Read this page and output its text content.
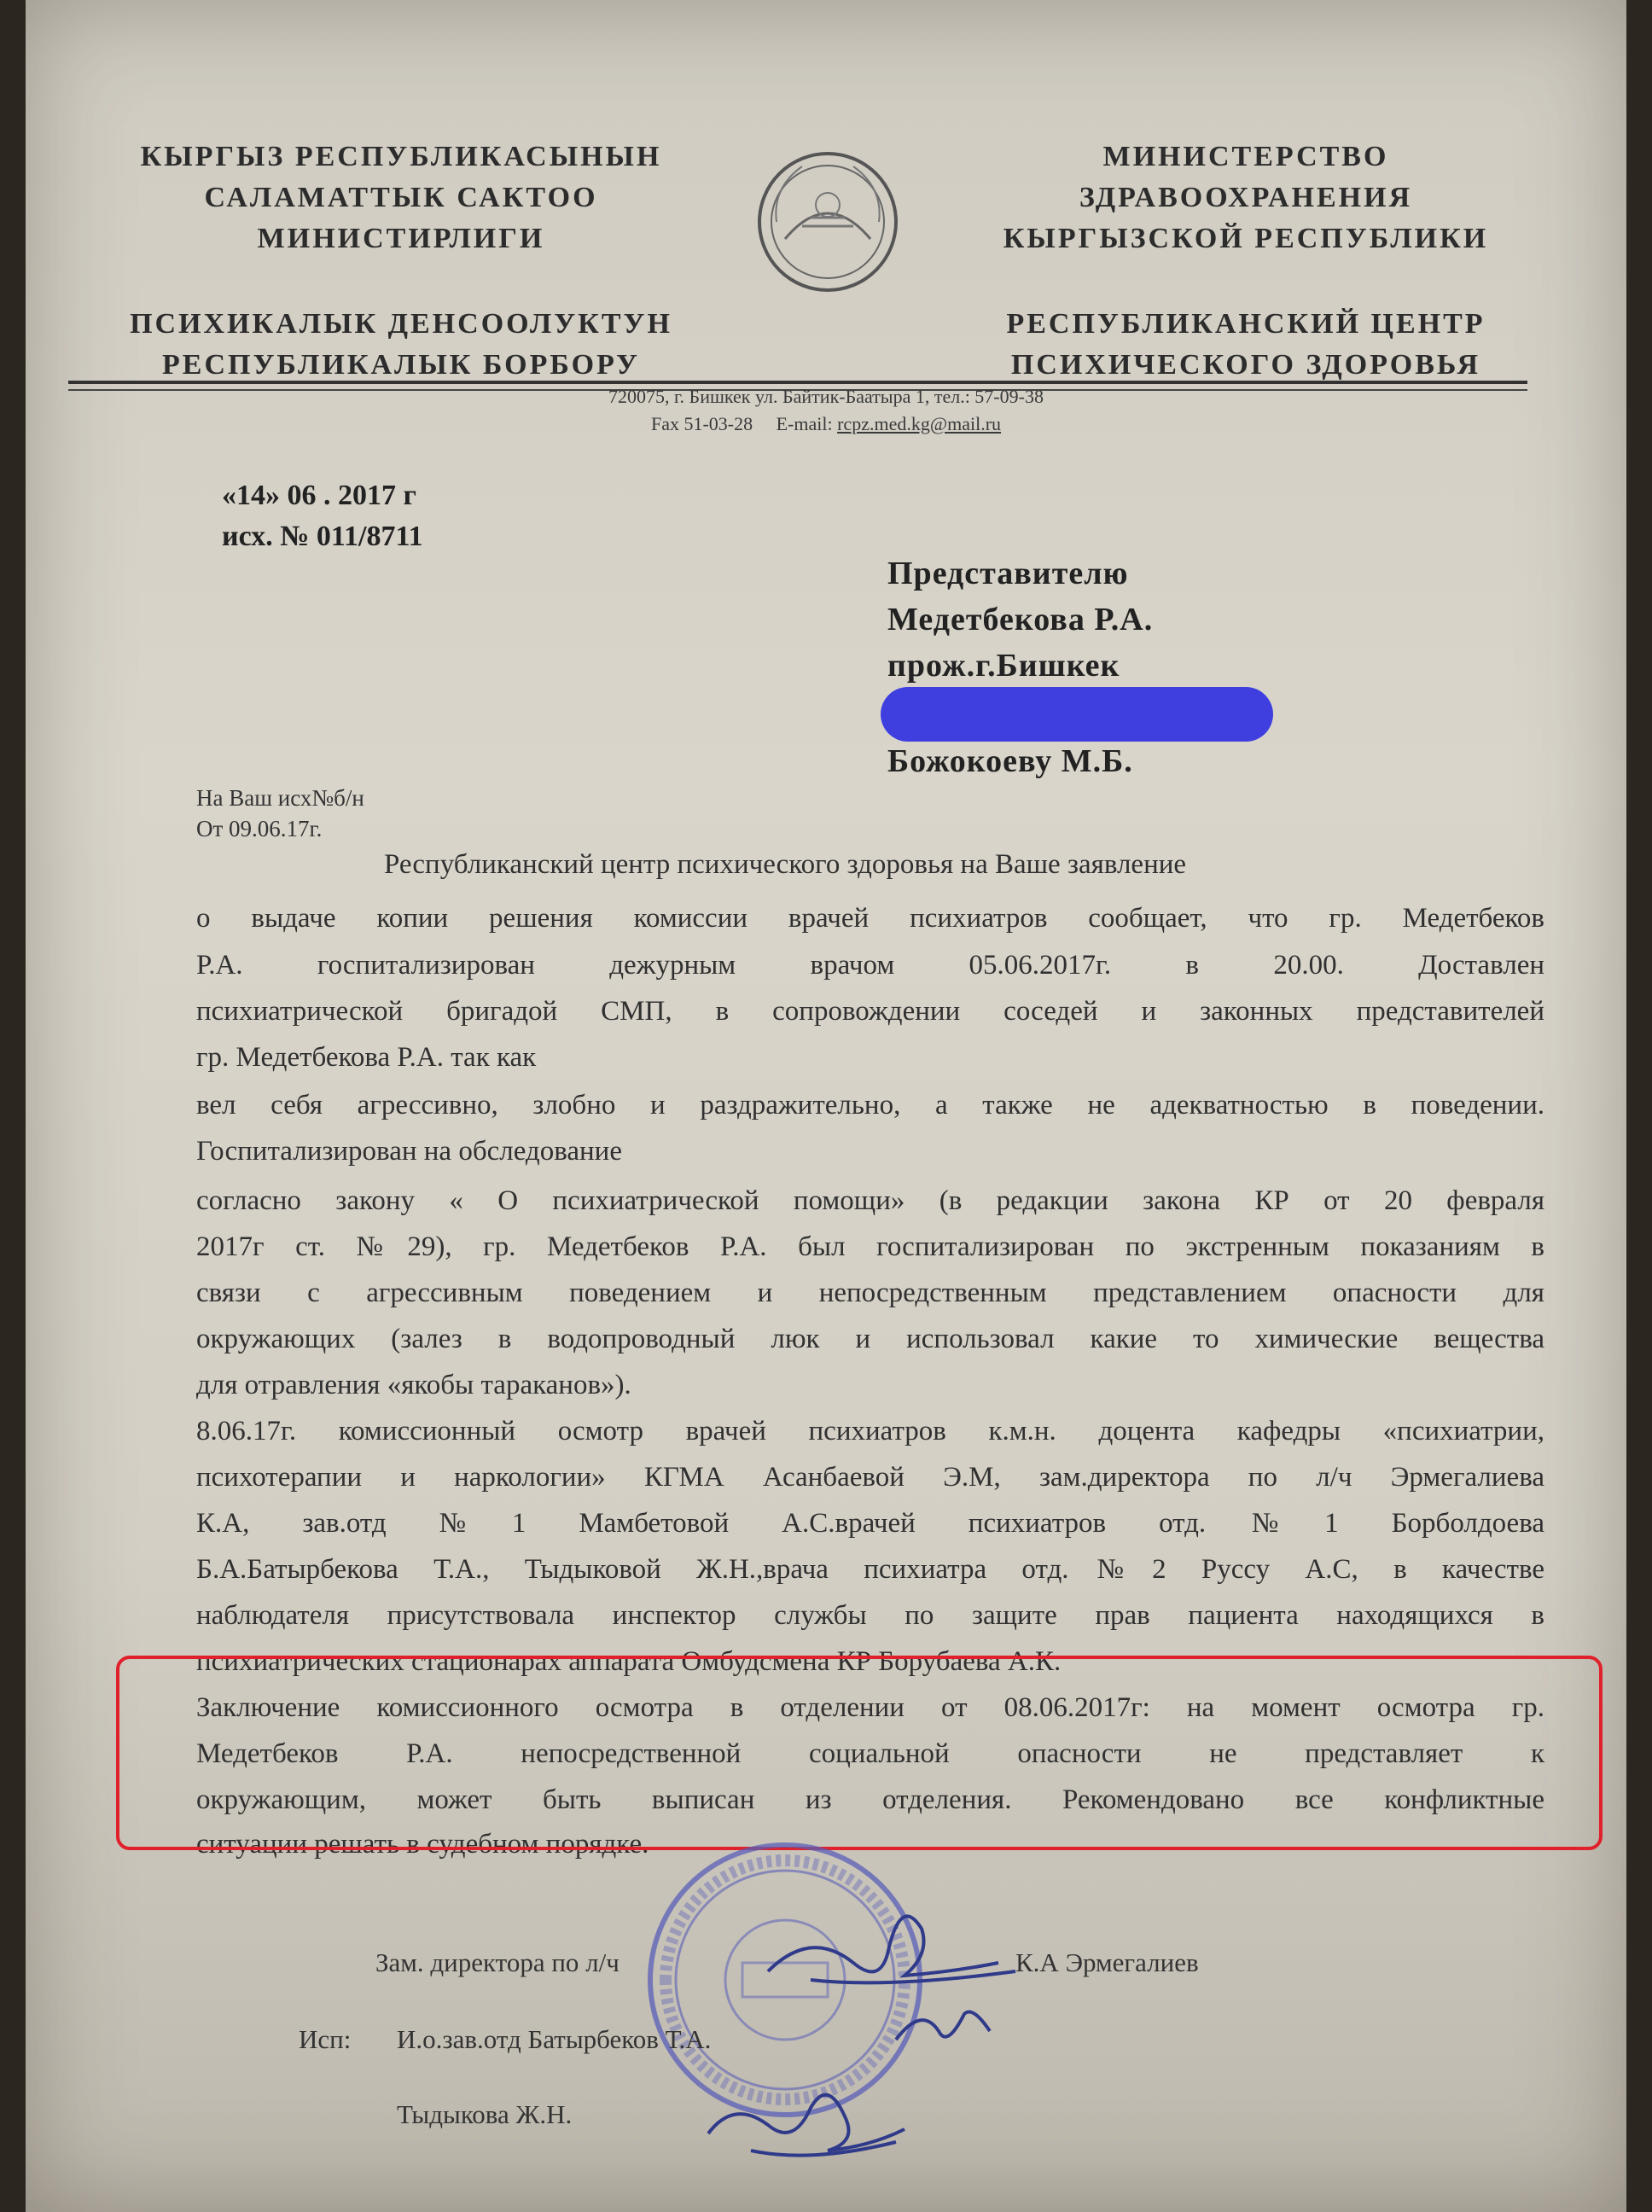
КЫРГЫЗ РЕСПУБЛИКАСЫНЫН
САЛАМАТТЫК САКТОО
МИНИСТИРЛИГИ
ПСИХИКАЛЫК ДЕНСООЛУКТУН
РЕСПУБЛИКАЛЫК БОРБОРУ
МИНИСТЕРСТВО
ЗДРАВООХРАНЕНИЯ
КЫРГЫЗСКОЙ РЕСПУБЛИКИ
РЕСПУБЛИКАНСКИЙ ЦЕНТР
ПСИХИЧЕСКОГО ЗДОРОВЬЯ
720075, г. Бишкек ул. Байтик-Баатыра 1, тел.: 57-09-38
Fax 51-03-28 E-mail: rcpz.med.kg@mail.ru
«14» 06 . 2017 г
исх. № 011/8711
Представителю
Медетбекова Р.А.
прож.г.Бишкек
Божокоеву М.Б.
На Ваш исх№б/н
От 09.06.17г.
Республиканский центр психического здоровья на Ваше заявление
о выдаче копии решения комиссии врачей психиатров сообщает, что гр. Медетбеков
Р.А. госпитализирован дежурным врачом 05.06.2017г. в 20.00. Доставлен
психиатрической бригадой СМП, в сопровождении соседей и законных представителей
гр. Медетбекова Р.А. так как
вел себя агрессивно, злобно и раздражительно, а также не адекватностью в поведении.
Госпитализирован на обследование
согласно закону « О психиатрической помощи» (в редакции закона КР от 20 февраля
2017г ст. №29), гр. Медетбеков Р.А. был госпитализирован по экстренным показаниям в
связи с агрессивным поведением и непосредственным представлением опасности для
окружающих (залез в водопроводный люк и использовал какие то химические вещества
для отравления «якобы тараканов»).
8.06.17г. комиссионный осмотр врачей психиатров к.м.н. доцента кафедры «психиатрии,
психотерапии и наркологии» КГМА Асанбаевой Э.М, зам.директора по л/ч Эрмегалиева
К.А, зав.отд №1 Мамбетовой А.С.врачей психиатров отд.№1 Борболдоева
Б.А.Батырбекова Т.А., Тыдыковой Ж.Н.,врача психиатра отд.№2 Руссу А.С, в качестве
наблюдателя присутствовала инспектор службы по защите прав пациента находящихся в
психиатрических стационарах аппарата Омбудсмена КР Борубаева А.К.
Заключение комиссионного осмотра в отделении от 08.06.2017г: на момент осмотра гр.
Медетбеков Р.А. непосредственной социальной опасности не представляет к
окружающим, может быть выписан из отделения. Рекомендовано все конфликтные
ситуации решать в судебном порядке.
Зам. директора по л/ч	К.А Эрмегалиев
Исп: И.о.зав.отд Батырбеков Т.А.
Тыдыкова Ж.Н.
